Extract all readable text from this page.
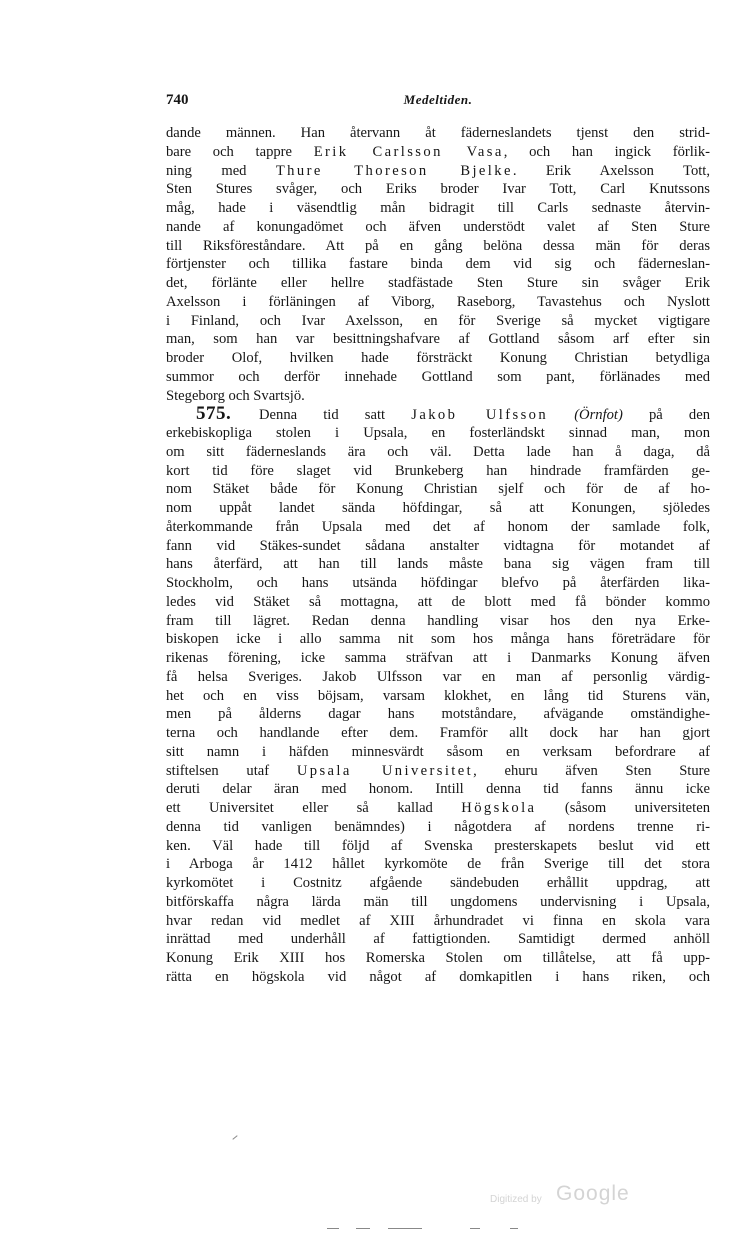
740	Medeltiden.
dande männen. Han återvann åt fäderneslandets tjenst den strid-
bare och tappre Erik Carlsson Vasa, och han ingick förlik-
ning med Thure Thoreson Bjelke. Erik Axelsson Tott,
Sten Stures svåger, och Eriks broder Ivar Tott, Carl Knutssons
måg, hade i väsendtlig mån bidragit till Carls sednaste återvin-
nande af konungadömet och äfven understödt valet af Sten Sture
till Riksföreståndare. Att på en gång belöna dessa män för deras
förtjenster och tillika fastare binda dem vid sig och fäderneslan-
det, förlänte eller hellre stadfästade Sten Sture sin svåger Erik
Axelsson i förläningen af Viborg, Raseborg, Tavastehus och Nyslott
i Finland, och Ivar Axelsson, en för Sverige så mycket vigtigare
man, som han var besittningshafvare af Gottland såsom arf efter sin
broder Olof, hvilken hade försträckt Konung Christian betydliga
summor och derför innehade Gottland som pant, förlänades med
Stegeborg och Svartsjö.
575. Denna tid satt Jakob Ulfsson (Örnfot) på den
erkebiskopliga stolen i Upsala, en fosterländskt sinnad man, mon
om sitt fäderneslands ära och väl. Detta lade han å daga, då
kort tid före slaget vid Brunkeberg han hindrade framfärden ge-
nom Stäket både för Konung Christian sjelf och för de af ho-
nom uppåt landet sända höfdingar, så att Konungen, sjöledes
återkommande från Upsala med det af honom der samlade folk,
fann vid Stäkes-sundet sådana anstalter vidtagna för motandet af
hans återfärd, att han till lands måste bana sig vägen fram till
Stockholm, och hans utsända höfdingar blefvo på återfärden lika-
ledes vid Stäket så mottagna, att de blott med få bönder kommo
fram till lägret. Redan denna handling visar hos den nya Erke-
biskopen icke i allo samma nit som hos många hans företrädare för
rikenas förening, icke samma sträfvan att i Danmarks Konung äfven
få helsa Sveriges. Jakob Ulfsson var en man af personlig värdig-
het och en viss böjsam, varsam klokhet, en lång tid Sturens vän,
men på ålderns dagar hans motståndare, afvägande omständighe-
terna och handlande efter dem. Framför allt dock har han gjort
sitt namn i häfden minnesvärdt såsom en verksam befordrare af
stiftelsen utaf Upsala Universitet, ehuru äfven Sten Sture
deruti delar äran med honom. Intill denna tid fanns ännu icke
ett Universitet eller så kallad Högskola (såsom universiteten
denna tid vanligen benämndes) i någotdera af nordens trenne ri-
ken. Väl hade till följd af Svenska presterskapets beslut vid ett
i Arboga år 1412 hållet kyrkomöte de från Sverige till det stora
kyrkomötet i Costnitz afgående sändebuden erhållit uppdrag, att
bitförskaffa några lärda män till ungdomens undervisning i Upsala,
hvar redan vid medlet af XIII århundradet vi finna en skola vara
inrättad med underhåll af fattigtionden. Samtidigt dermed anhöll
Konung Erik XIII hos Romerska Stolen om tillåtelse, att få upp-
rätta en högskola vid något af domkapitlen i hans riken, och
Digitized by Google
